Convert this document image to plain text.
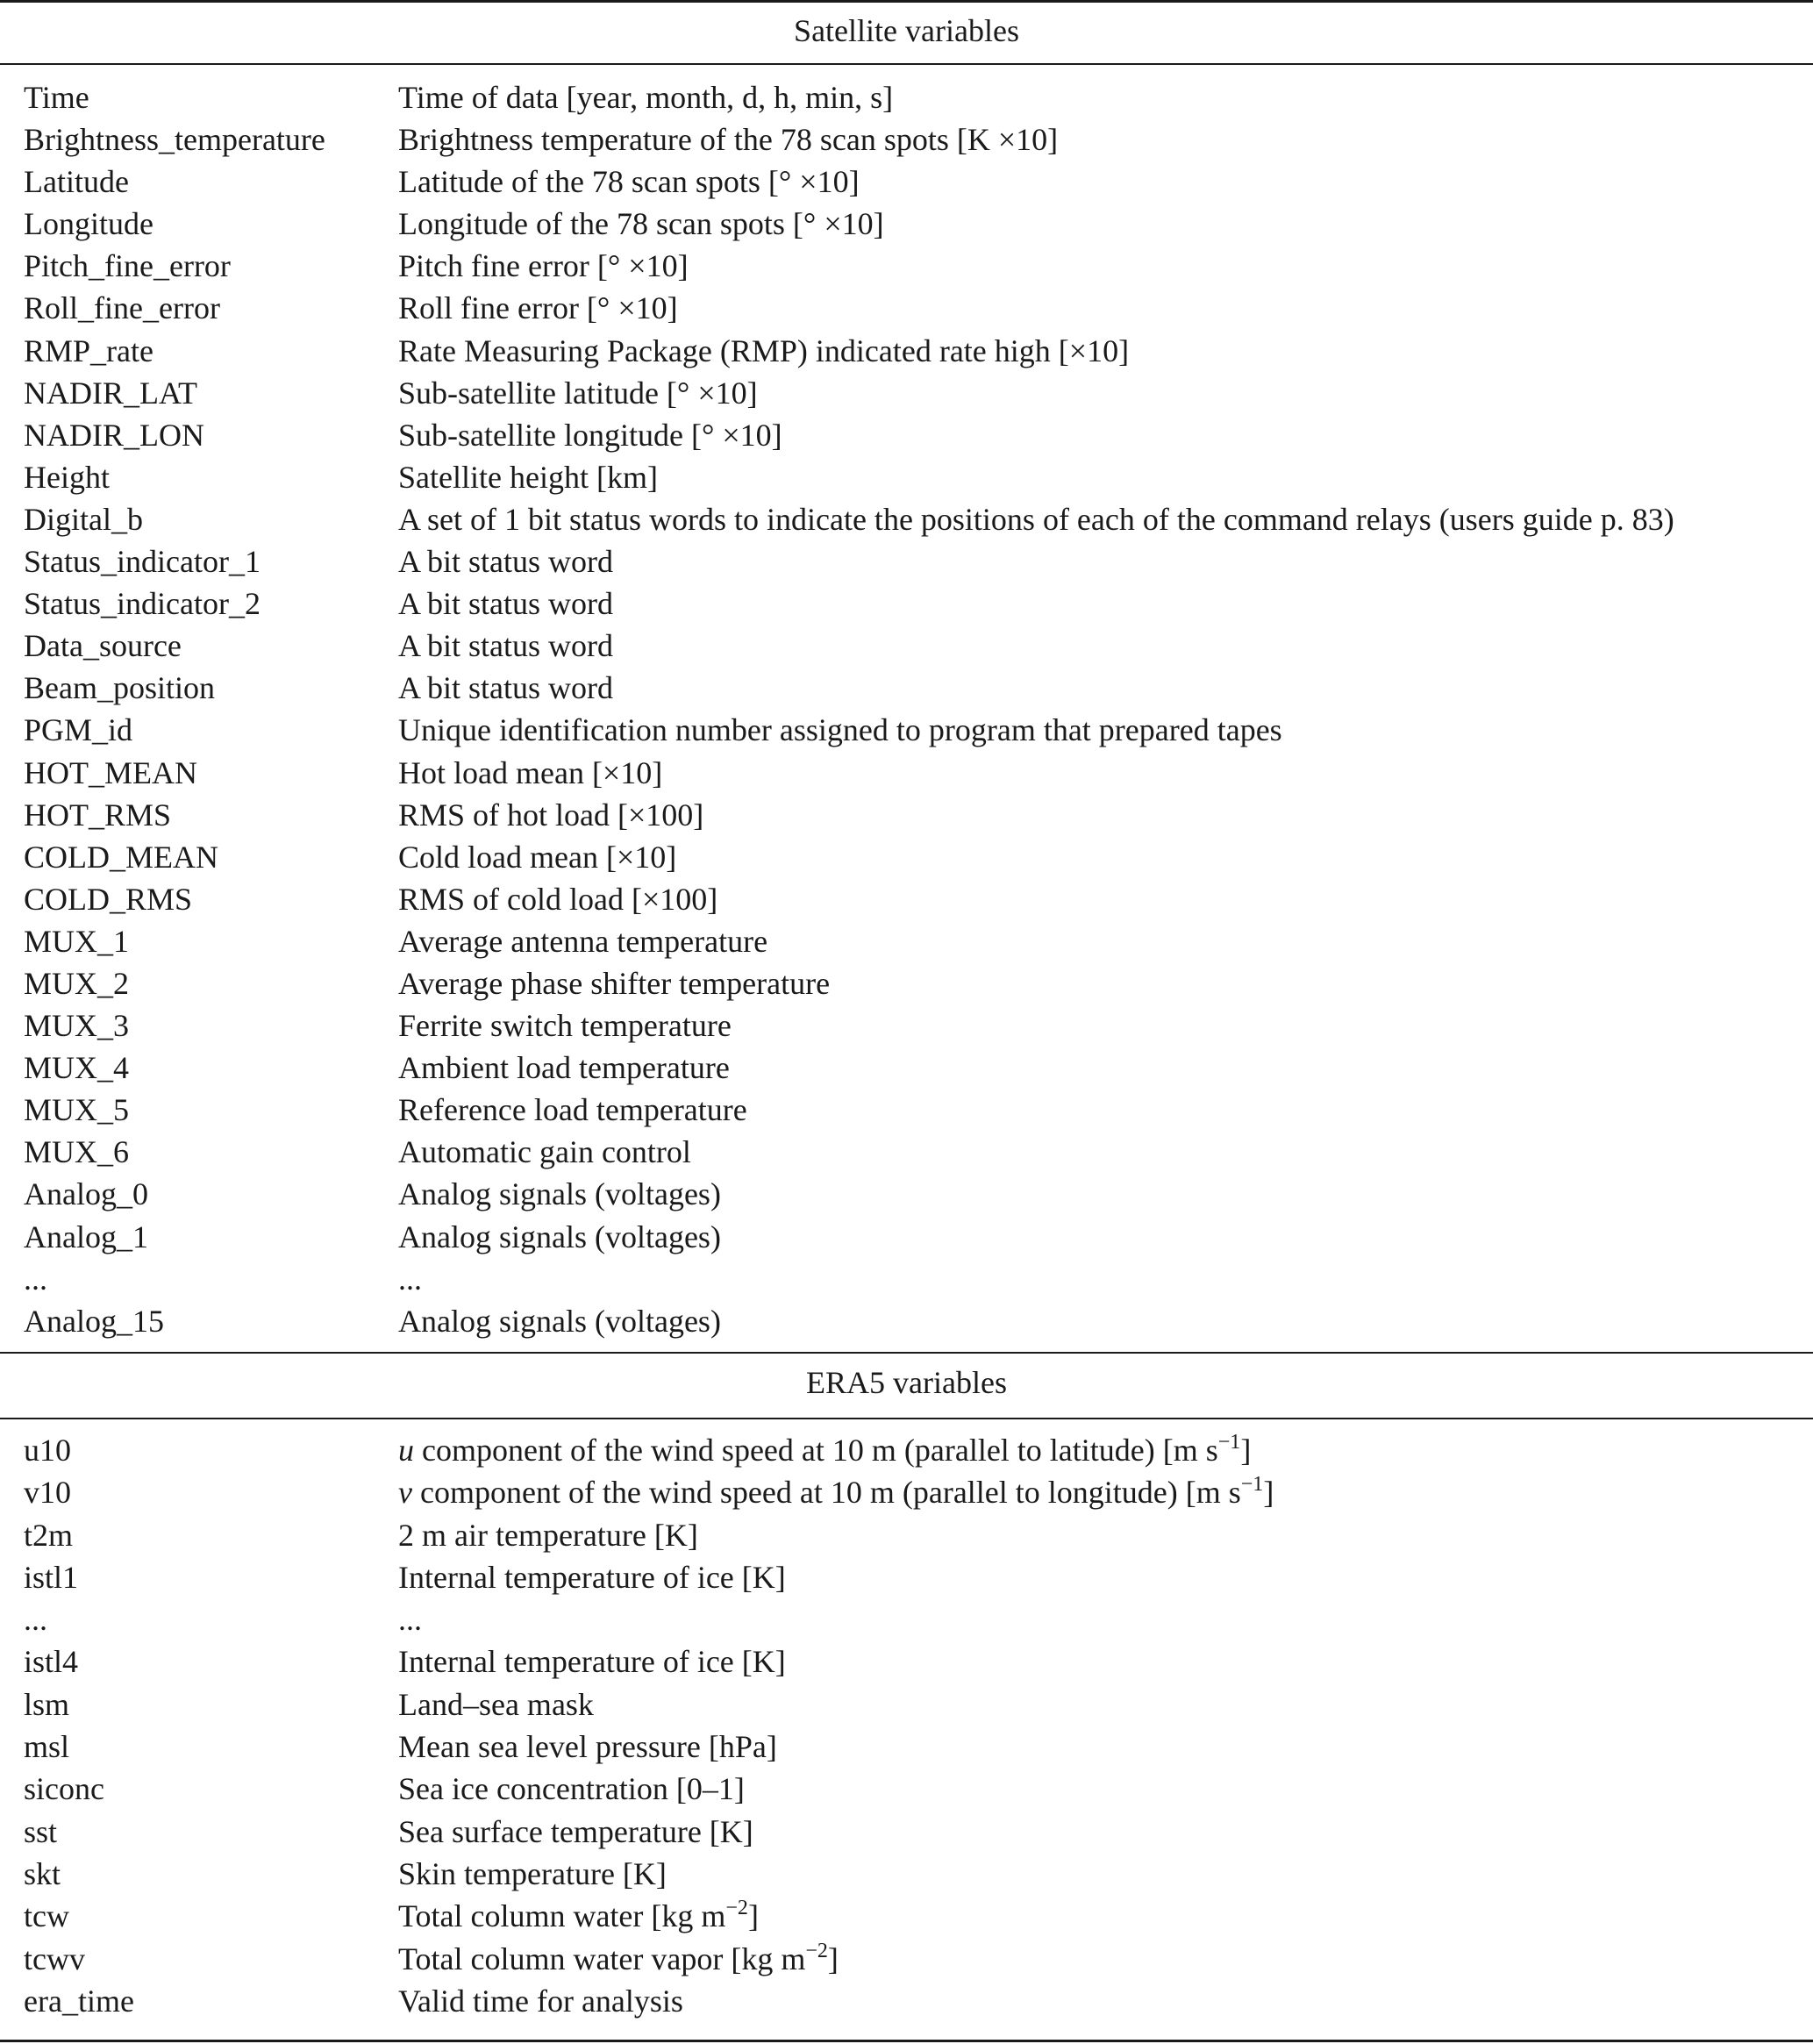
Satellite variables
Time	Time of data [year, month, d, h, min, s]
Brightness_temperature Brightness temperature of the 78 scan spots [K ×10]
Latitude	Latitude of the 78 scan spots [° ×10]
Longitude	Longitude of the 78 scan spots [° ×10]
Pitch_fine_error	Pitch fine error [° ×10]
Roll_fine_error	Roll fine error [° ×10]
RMP_rate	Rate Measuring Package (RMP) indicated rate high [×10]
NADIR_LAT	Sub-satellite latitude [° ×10]
NADIR_LON	Sub-satellite longitude [° ×10]
Height	Satellite height [km]
Digital_b	A set of 1 bit status words to indicate the positions of each of the command relays (users guide p. 83)
Status_indicator_1	A bit status word
Status_indicator_2	A bit status word
Data_source	A bit status word
Beam_position	A bit status word
PGM_id	Unique identification number assigned to program that prepared tapes
HOT_MEAN	Hot load mean [×10]
HOT_RMS	RMS of hot load [×100]
COLD_MEAN	Cold load mean [×10]
COLD_RMS	RMS of cold load [×100]
MUX_1	Average antenna temperature
MUX_2	Average phase shifter temperature
MUX_3	Ferrite switch temperature
MUX_4	Ambient load temperature
MUX_5	Reference load temperature
MUX_6	Automatic gain control
Analog_0	Analog signals (voltages)
Analog_1	Analog signals (voltages)
...	...
Analog_15	Analog signals (voltages)
ERA5 variables
u10	u component of the wind speed at 10 m (parallel to latitude) [m $s^{-1}$]
v10	v component of the wind speed at 10 m (parallel to longitude) [m $s^{-1}$]
t2m	2 m air temperature [K]
istl1	Internal temperature of ice [K]
...	...
istl4	Internal temperature of ice [K]
lsm	Land–sea mask
msl	Mean sea level pressure [hPa]
siconc	Sea ice concentration [0–1]
sst	Sea surface temperature [K]
skt	Skin temperature [K]
tcw	Total column water [kg $m^{-2}$]
tcwv	Total column water vapor [kg $m^{-2}$]
era_time	Valid time for analysis
